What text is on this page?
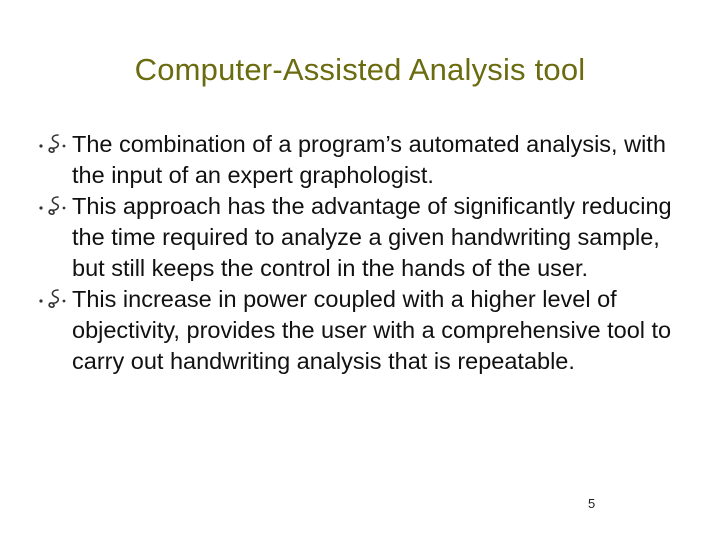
Computer-Assisted Analysis tool
The combination of a program’s automated analysis, with the input of an expert graphologist.
This approach has the advantage of significantly reducing the time required to analyze a given handwriting sample, but still keeps the control in the hands of the user.
This increase in power coupled with a higher level of objectivity, provides the user with a comprehensive tool to carry out handwriting analysis that is repeatable.
5
